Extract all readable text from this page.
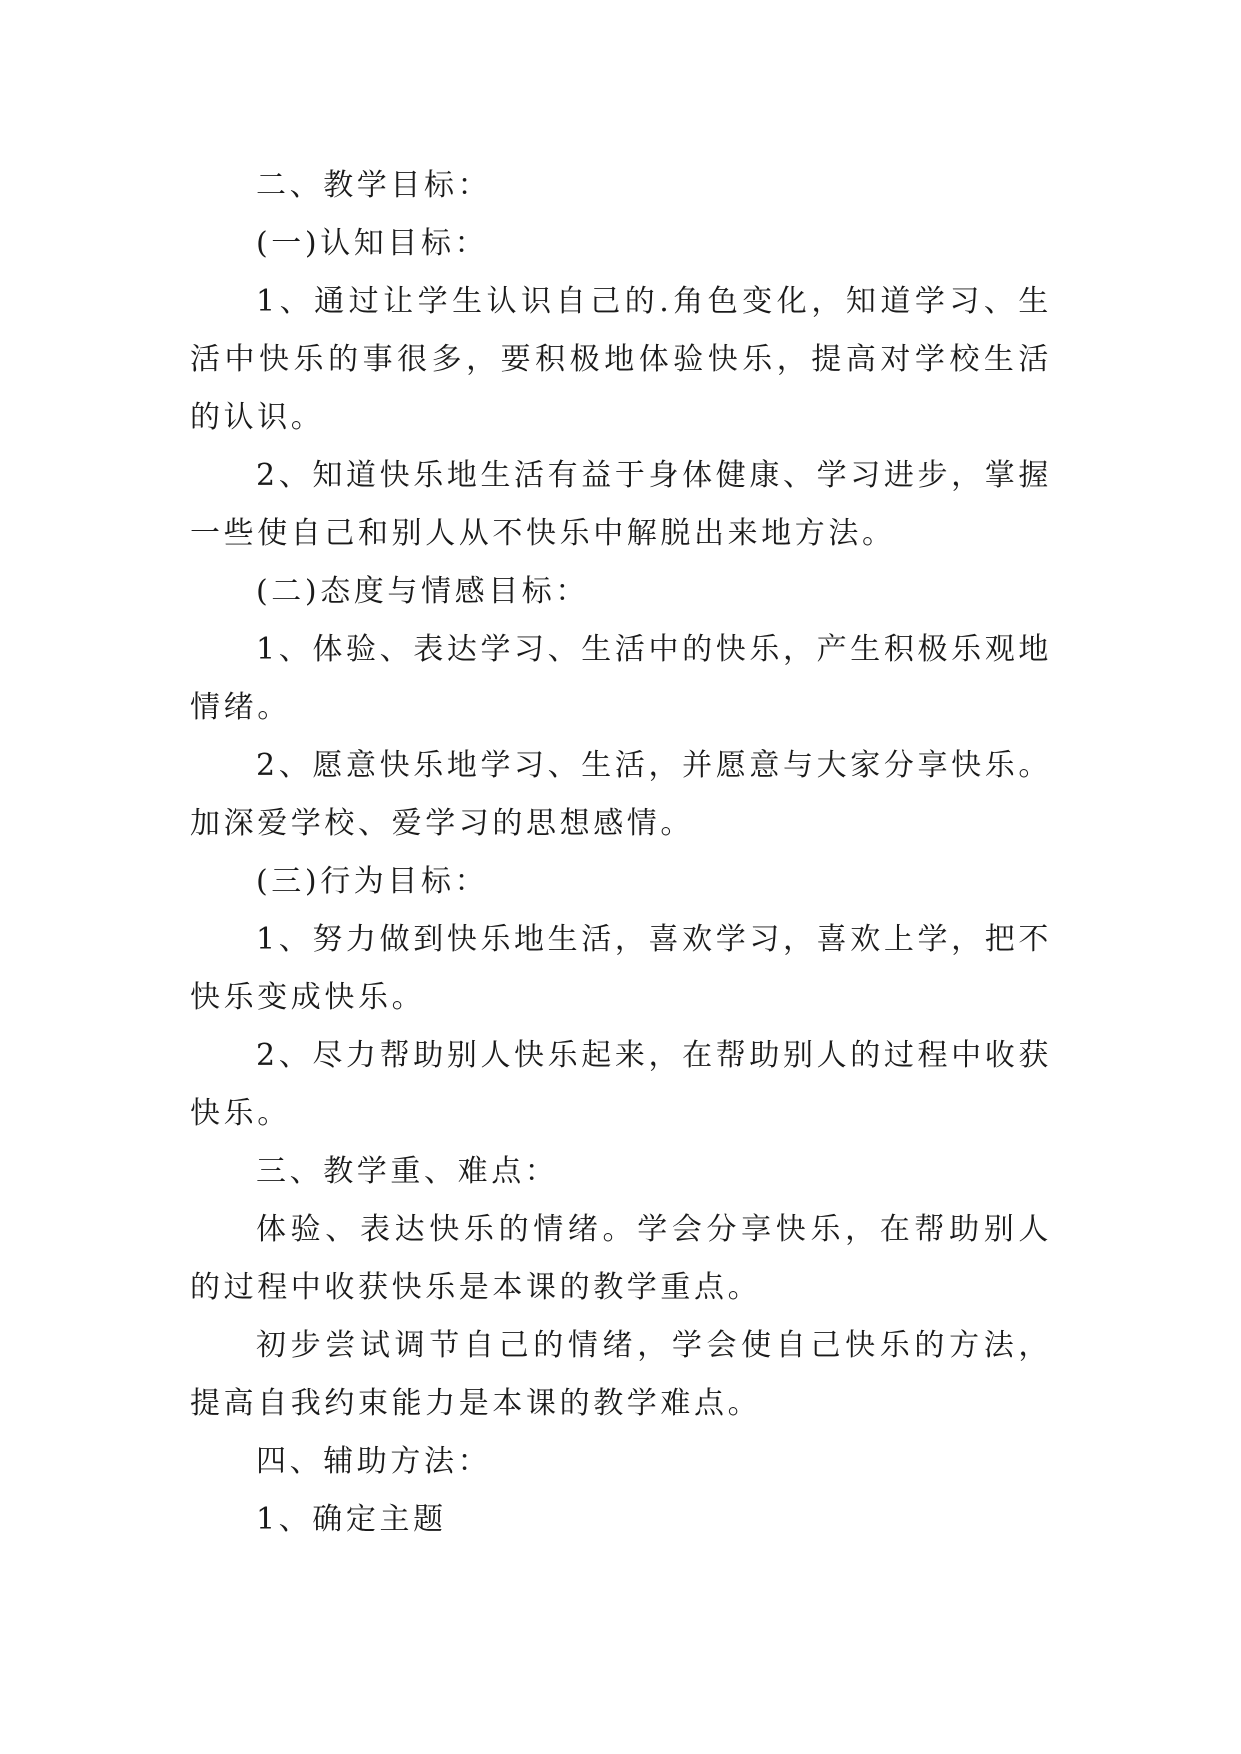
二、教学目标：

(一)认知目标：

1、通过让学生认识自己的.角色变化，知道学习、生活中快乐的事很多，要积极地体验快乐，提高对学校生活的认识。

2、知道快乐地生活有益于身体健康、学习进步，掌握一些使自己和别人从不快乐中解脱出来地方法。

(二)态度与情感目标：

1、体验、表达学习、生活中的快乐，产生积极乐观地情绪。

2、愿意快乐地学习、生活，并愿意与大家分享快乐。加深爱学校、爱学习的思想感情。

(三)行为目标：

1、努力做到快乐地生活，喜欢学习，喜欢上学，把不快乐变成快乐。

2、尽力帮助别人快乐起来，在帮助别人的过程中收获快乐。

三、教学重、难点：

体验、表达快乐的情绪。学会分享快乐，在帮助别人的过程中收获快乐是本课的教学重点。

初步尝试调节自己的情绪，学会使自己快乐的方法，提高自我约束能力是本课的教学难点。

四、辅助方法：

1、确定主题
